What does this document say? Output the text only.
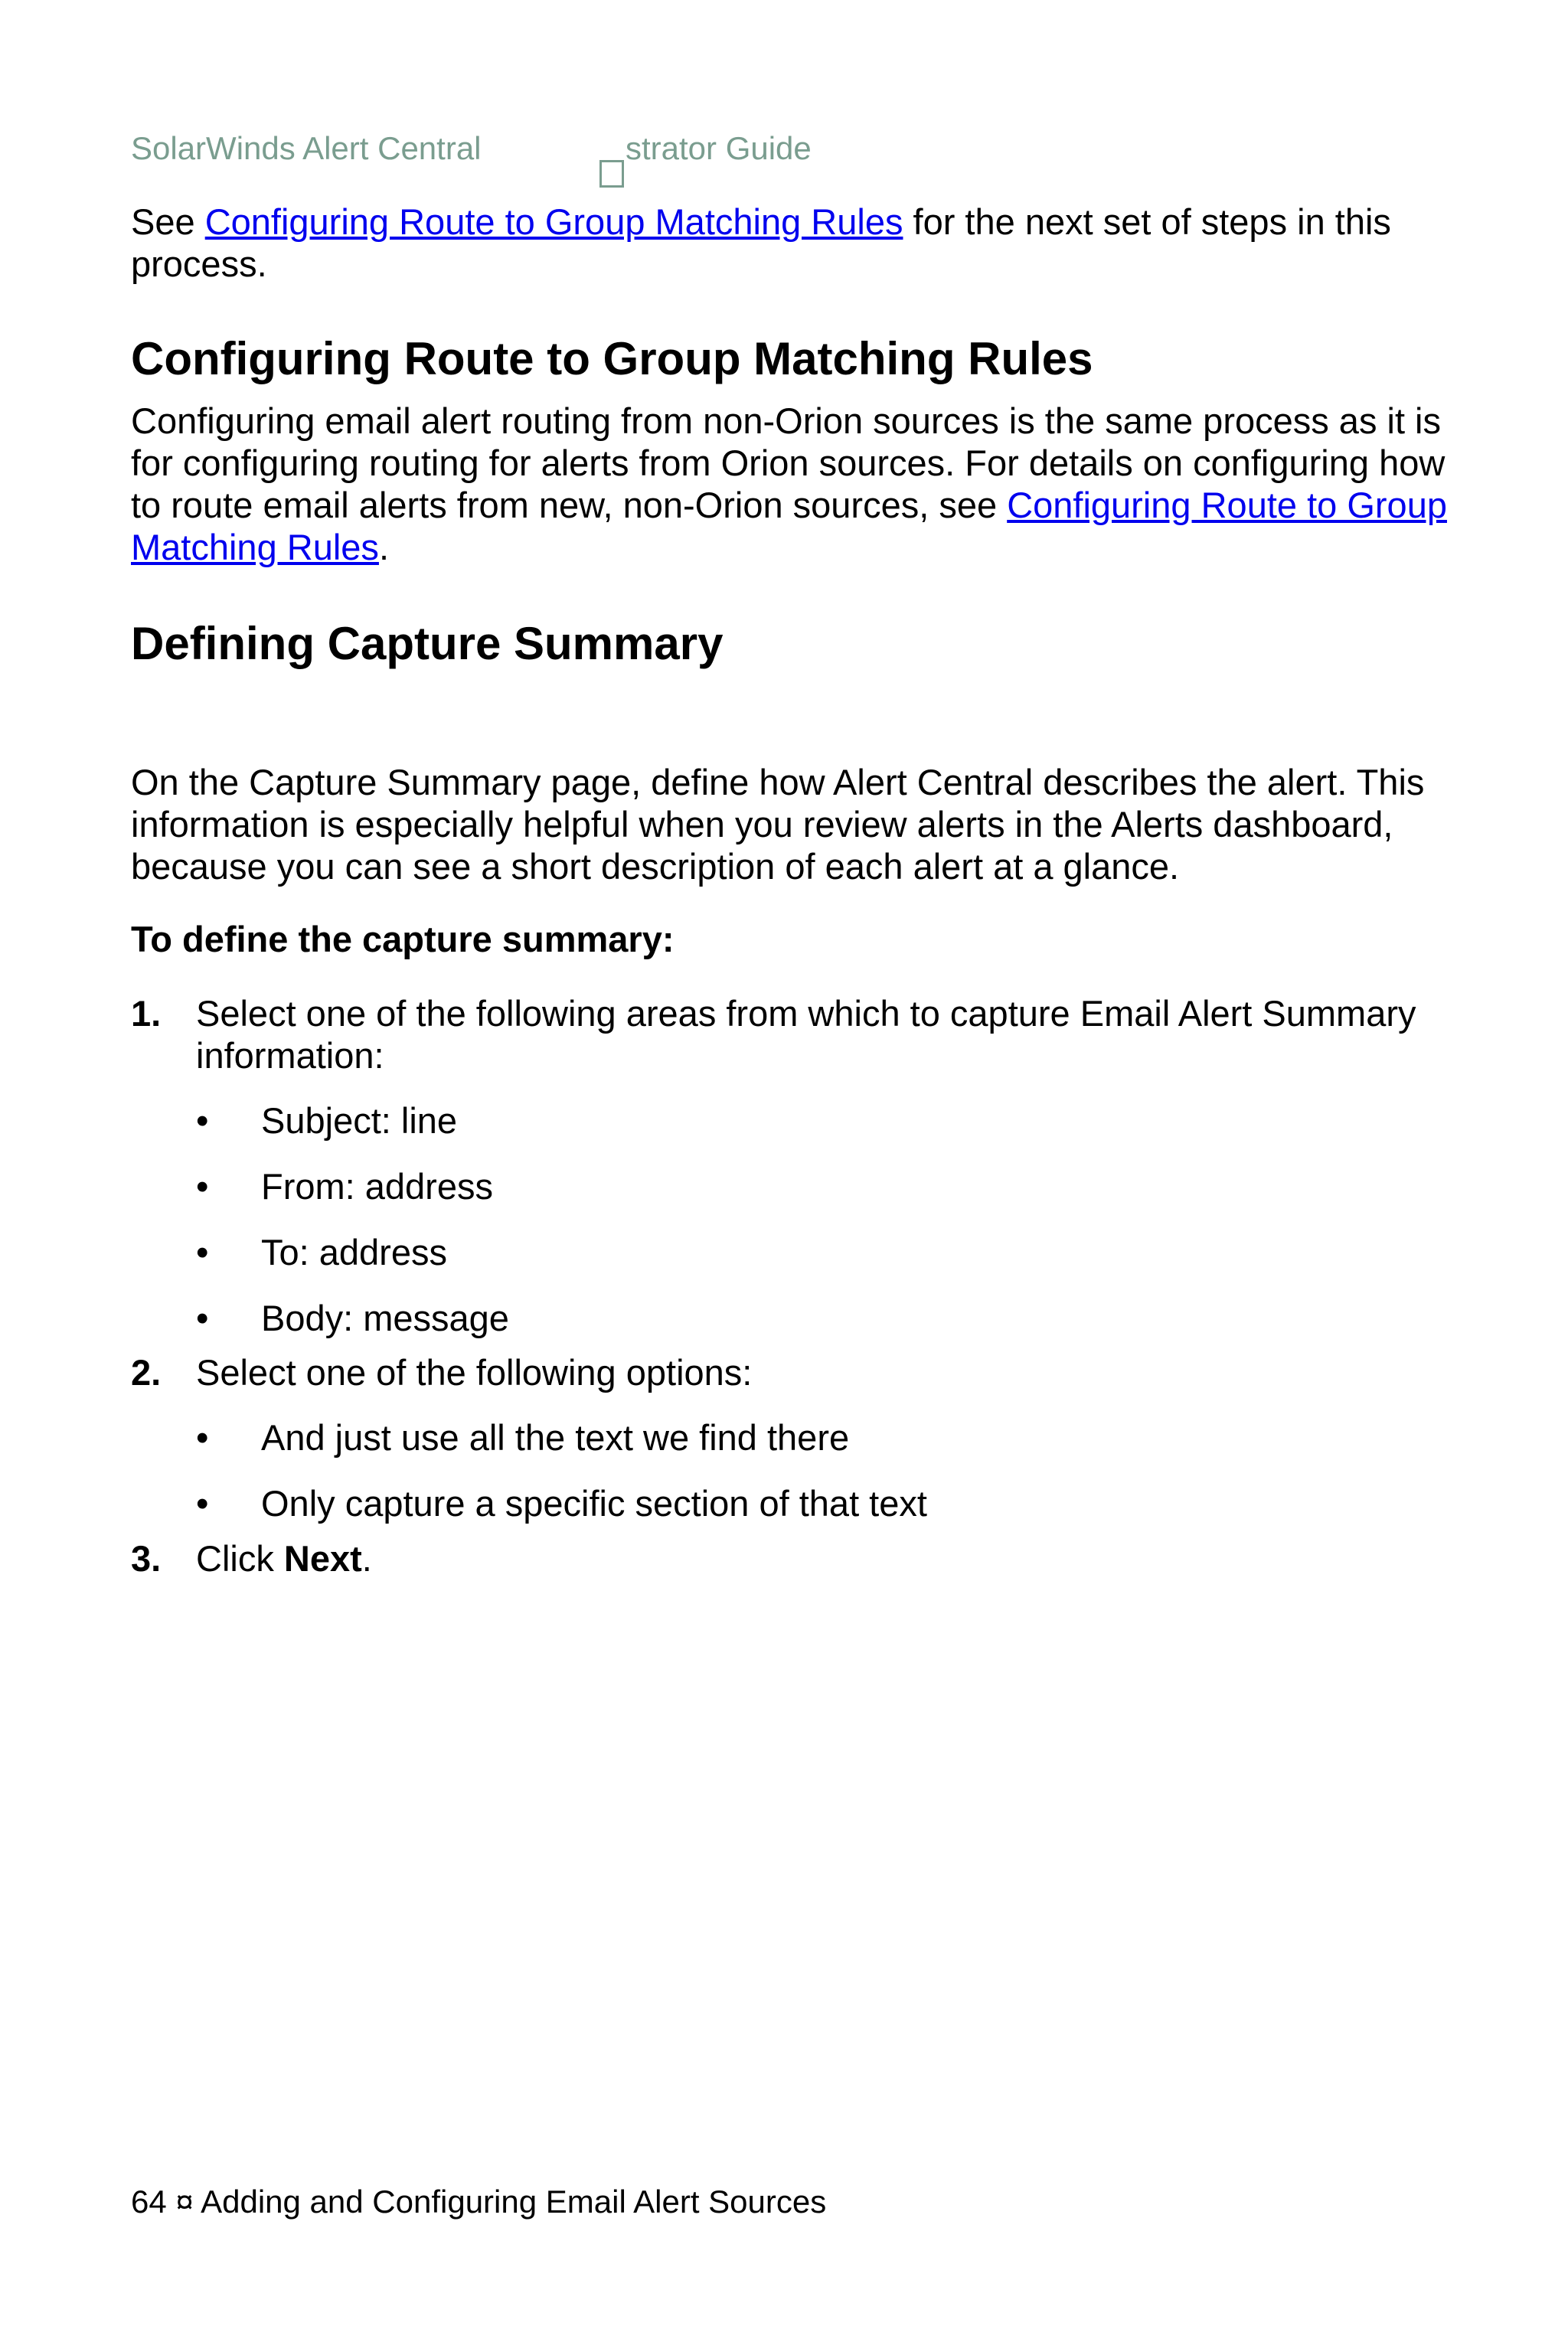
SolarWinds Alert Central	strator Guide

See Configuring Route to Group Matching Rules for the next set of steps in this process.

Configuring Route to Group Matching Rules

Configuring email alert routing from non-Orion sources is the same process as it is for configuring routing for alerts from Orion sources. For details on configuring how to route email alerts from new, non-Orion sources, see Configuring Route to Group Matching Rules.

Defining Capture Summary

On the Capture Summary page, define how Alert Central describes the alert. This information is especially helpful when you review alerts in the Alerts dashboard, because you can see a short description of each alert at a glance.

To define the capture summary:

1. Select one of the following areas from which to capture Email Alert Summary information:
• Subject: line
• From: address
• To: address
• Body: message
2. Select one of the following options:
• And just use all the text we find there
• Only capture a specific section of that text
3. Click Next.
64 ¤ Adding and Configuring Email Alert Sources
